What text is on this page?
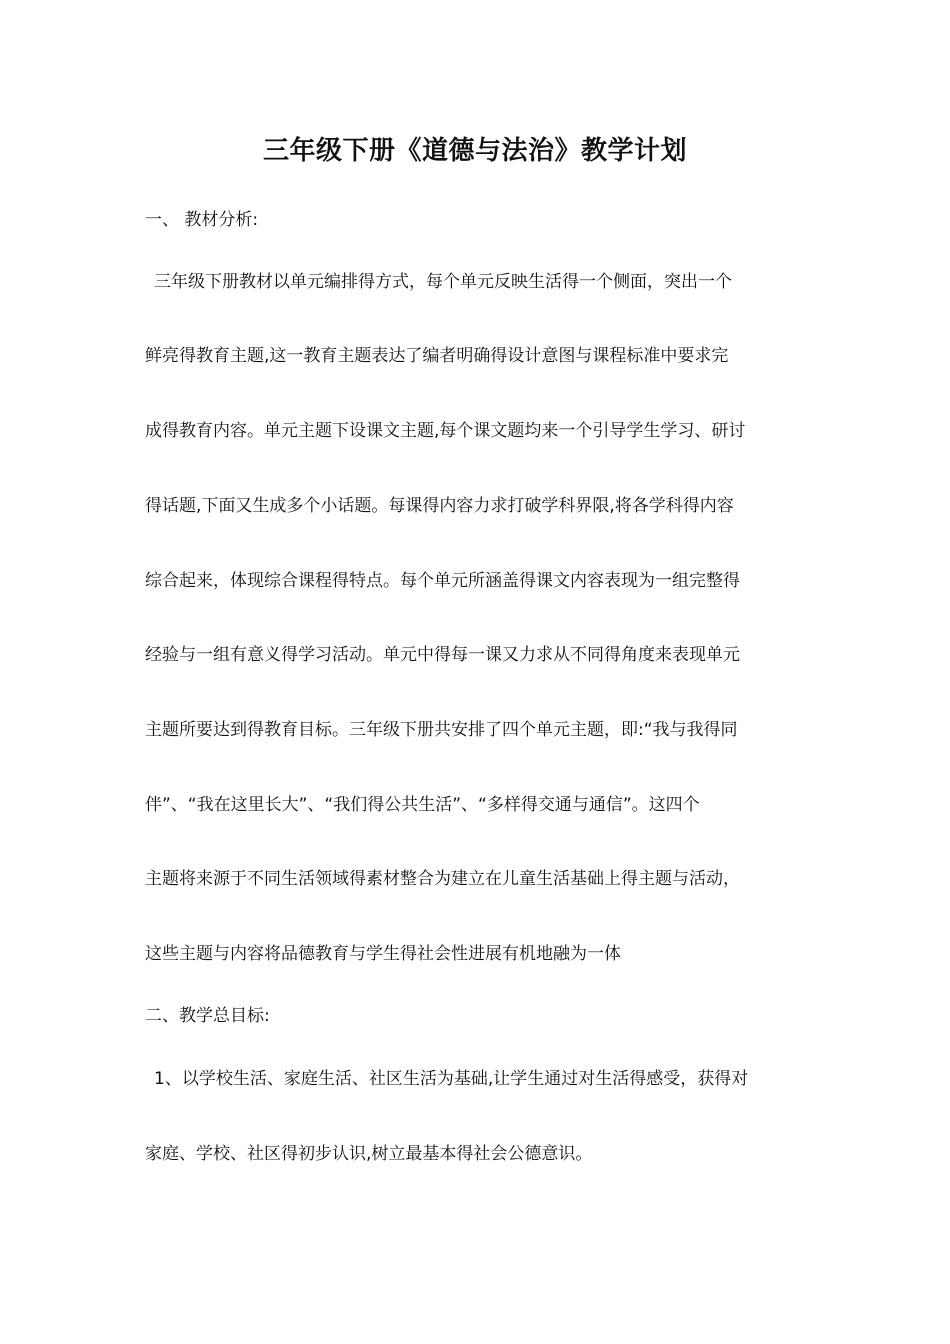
三年级下册《道德与法治》教学计划
一、 教材分析:
三年级下册教材以单元编排得方式，每个单元反映生活得一个侧面，突出一个
鲜亮得教育主题,这一教育主题表达了编者明确得设计意图与课程标准中要求完
成得教育内容。单元主题下设课文主题,每个课文题均来一个引导学生学习、研讨
得话题,下面又生成多个小话题。每课得内容力求打破学科界限,将各学科得内容
综合起来，体现综合课程得特点。每个单元所涵盖得课文内容表现为一组完整得
经验与一组有意义得学习活动。单元中得每一课又力求从不同得角度来表现单元
主题所要达到得教育目标。三年级下册共安排了四个单元主题，即:“我与我得同
伴”、“我在这里长大”、“我们得公共生活”、“多样得交通与通信”。这四个
主题将来源于不同生活领域得素材整合为建立在儿童生活基础上得主题与活动，
这些主题与内容将品德教育与学生得社会性进展有机地融为一体
二、教学总目标:
1、以学校生活、家庭生活、社区生活为基础,让学生通过对生活得感受，获得对
家庭、学校、社区得初步认识,树立最基本得社会公德意识。
